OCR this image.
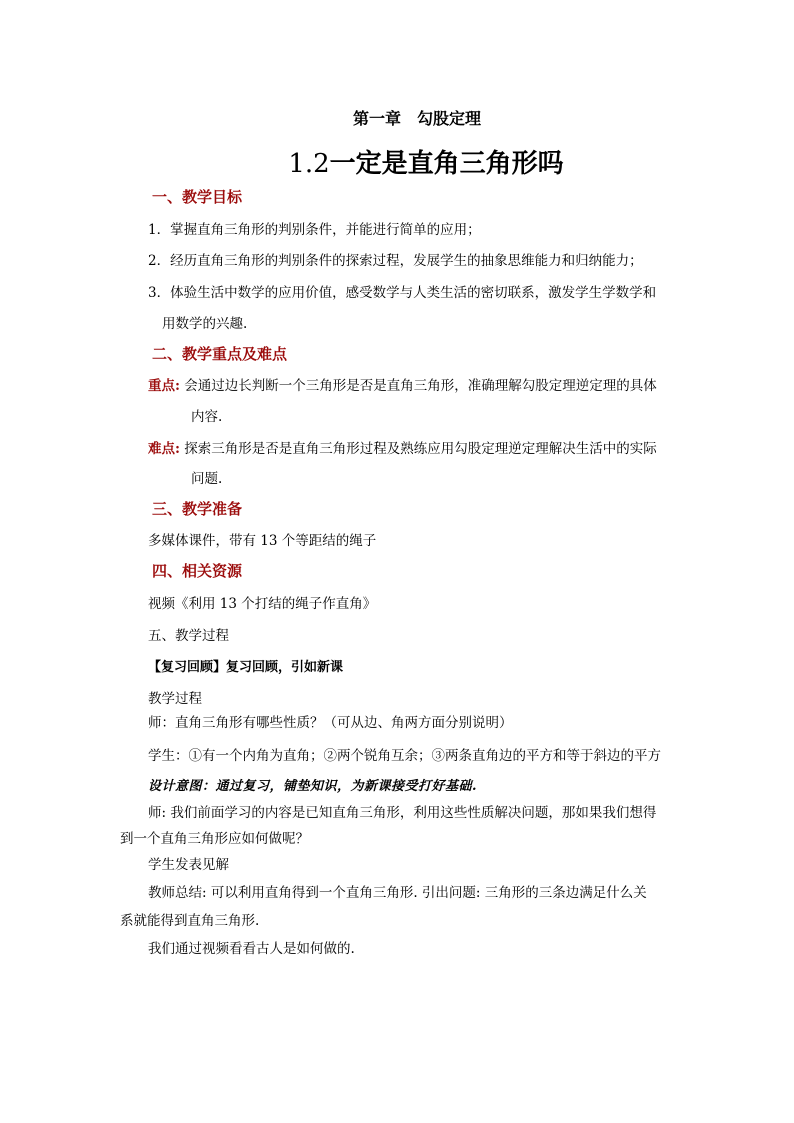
第一章　勾股定理
1.2一定是直角三角形吗
一、教学目标
1．掌握直角三角形的判别条件，并能进行简单的应用；
2．经历直角三角形的判别条件的探索过程，发展学生的抽象思维能力和归纳能力；
3．体验生活中数学的应用价值，感受数学与人类生活的密切联系，激发学生学数学和
用数学的兴趣.
二、教学重点及难点
重点: 会通过边长判断一个三角形是否是直角三角形，准确理解勾股定理逆定理的具体
内容.
难点: 探索三角形是否是直角三角形过程及熟练应用勾股定理逆定理解决生活中的实际
问题.
三、教学准备
多媒体课件，带有 13 个等距结的绳子
四、相关资源
视频《利用 13 个打结的绳子作直角》
五、教学过程
【复习回顾】复习回顾，引如新课
教学过程
师：直角三角形有哪些性质？（可从边、角两方面分别说明）
学生：①有一个内角为直角；②两个锐角互余；③两条直角边的平方和等于斜边的平方
设计意图：通过复习，铺垫知识，为新课接受打好基础.
师: 我们前面学习的内容是已知直角三角形，利用这些性质解决问题，那如果我们想得
到一个直角三角形应如何做呢？
学生发表见解
教师总结: 可以利用直角得到一个直角三角形. 引出问题: 三角形的三条边满足什么关
系就能得到直角三角形.
我们通过视频看看古人是如何做的.
